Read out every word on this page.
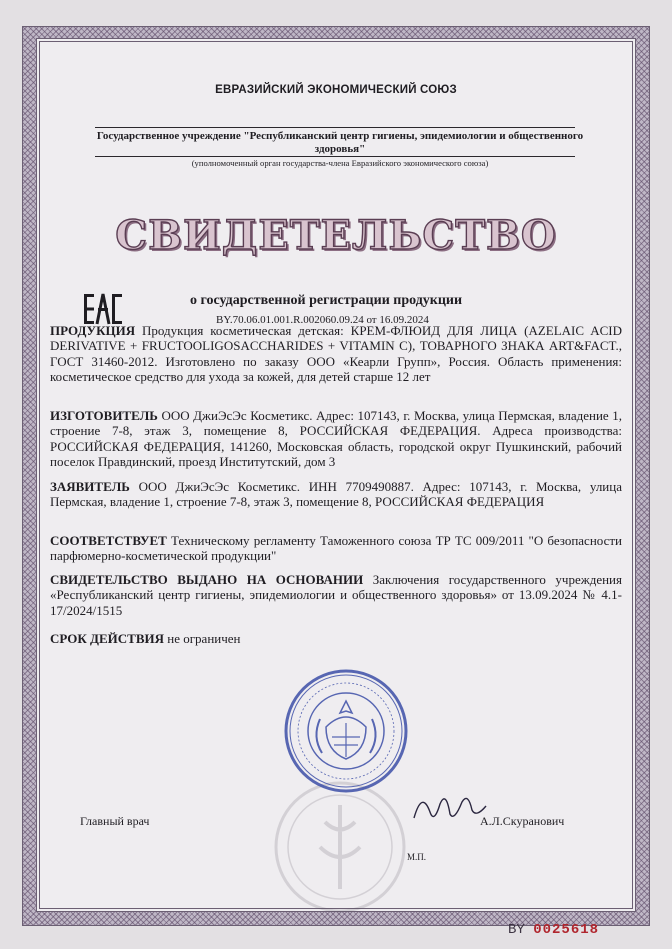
ЕВРАЗИЙСКИЙ ЭКОНОМИЧЕСКИЙ СОЮЗ
Государственное учреждение "Республиканский центр гигиены, эпидемиологии и общественного здоровья"
(уполномоченный орган государства-члена Евразийского экономического союза)
СВИДЕТЕЛЬСТВО
о государственной регистрации продукции
BY.70.06.01.001.R.002060.09.24 от 16.09.2024
ПРОДУКЦИЯ Продукция косметическая детская: КРЕМ-ФЛЮИД ДЛЯ ЛИЦА (AZELAIC ACID DERIVATIVE + FRUCTOOLIGOSACCHARIDES + VITAMIN C), ТОВАРНОГО ЗНАКА ART&FACT., ГОСТ 31460-2012. Изготовлено по заказу ООО «Кеарли Групп», Россия. Область применения: косметическое средство для ухода за кожей, для детей старше 12 лет
ИЗГОТОВИТЕЛЬ ООО ДжиЭсЭс Косметикс. Адрес: 107143, г. Москва, улица Пермская, владение 1, строение 7-8, этаж 3, помещение 8, РОССИЙСКАЯ ФЕДЕРАЦИЯ. Адреса производства: РОССИЙСКАЯ ФЕДЕРАЦИЯ, 141260, Московская область, городской округ Пушкинский, рабочий поселок Правдинский, проезд Институтский, дом 3
ЗАЯВИТЕЛЬ ООО ДжиЭсЭс Косметикс. ИНН 7709490887. Адрес: 107143, г. Москва, улица Пермская, владение 1, строение 7-8, этаж 3, помещение 8, РОССИЙСКАЯ ФЕДЕРАЦИЯ
СООТВЕТСТВУЕТ Техническому регламенту Таможенного союза ТР ТС 009/2011 "О безопасности парфюмерно-косметической продукции"
СВИДЕТЕЛЬСТВО ВЫДАНО НА ОСНОВАНИИ Заключения государственного учреждения «Республиканский центр гигиены, эпидемиологии и общественного здоровья» от 13.09.2024 № 4.1-17/2024/1515
СРОК ДЕЙСТВИЯ не ограничен
Главный врач	А.Л.Скуранович
М.П.
BY 0025618
